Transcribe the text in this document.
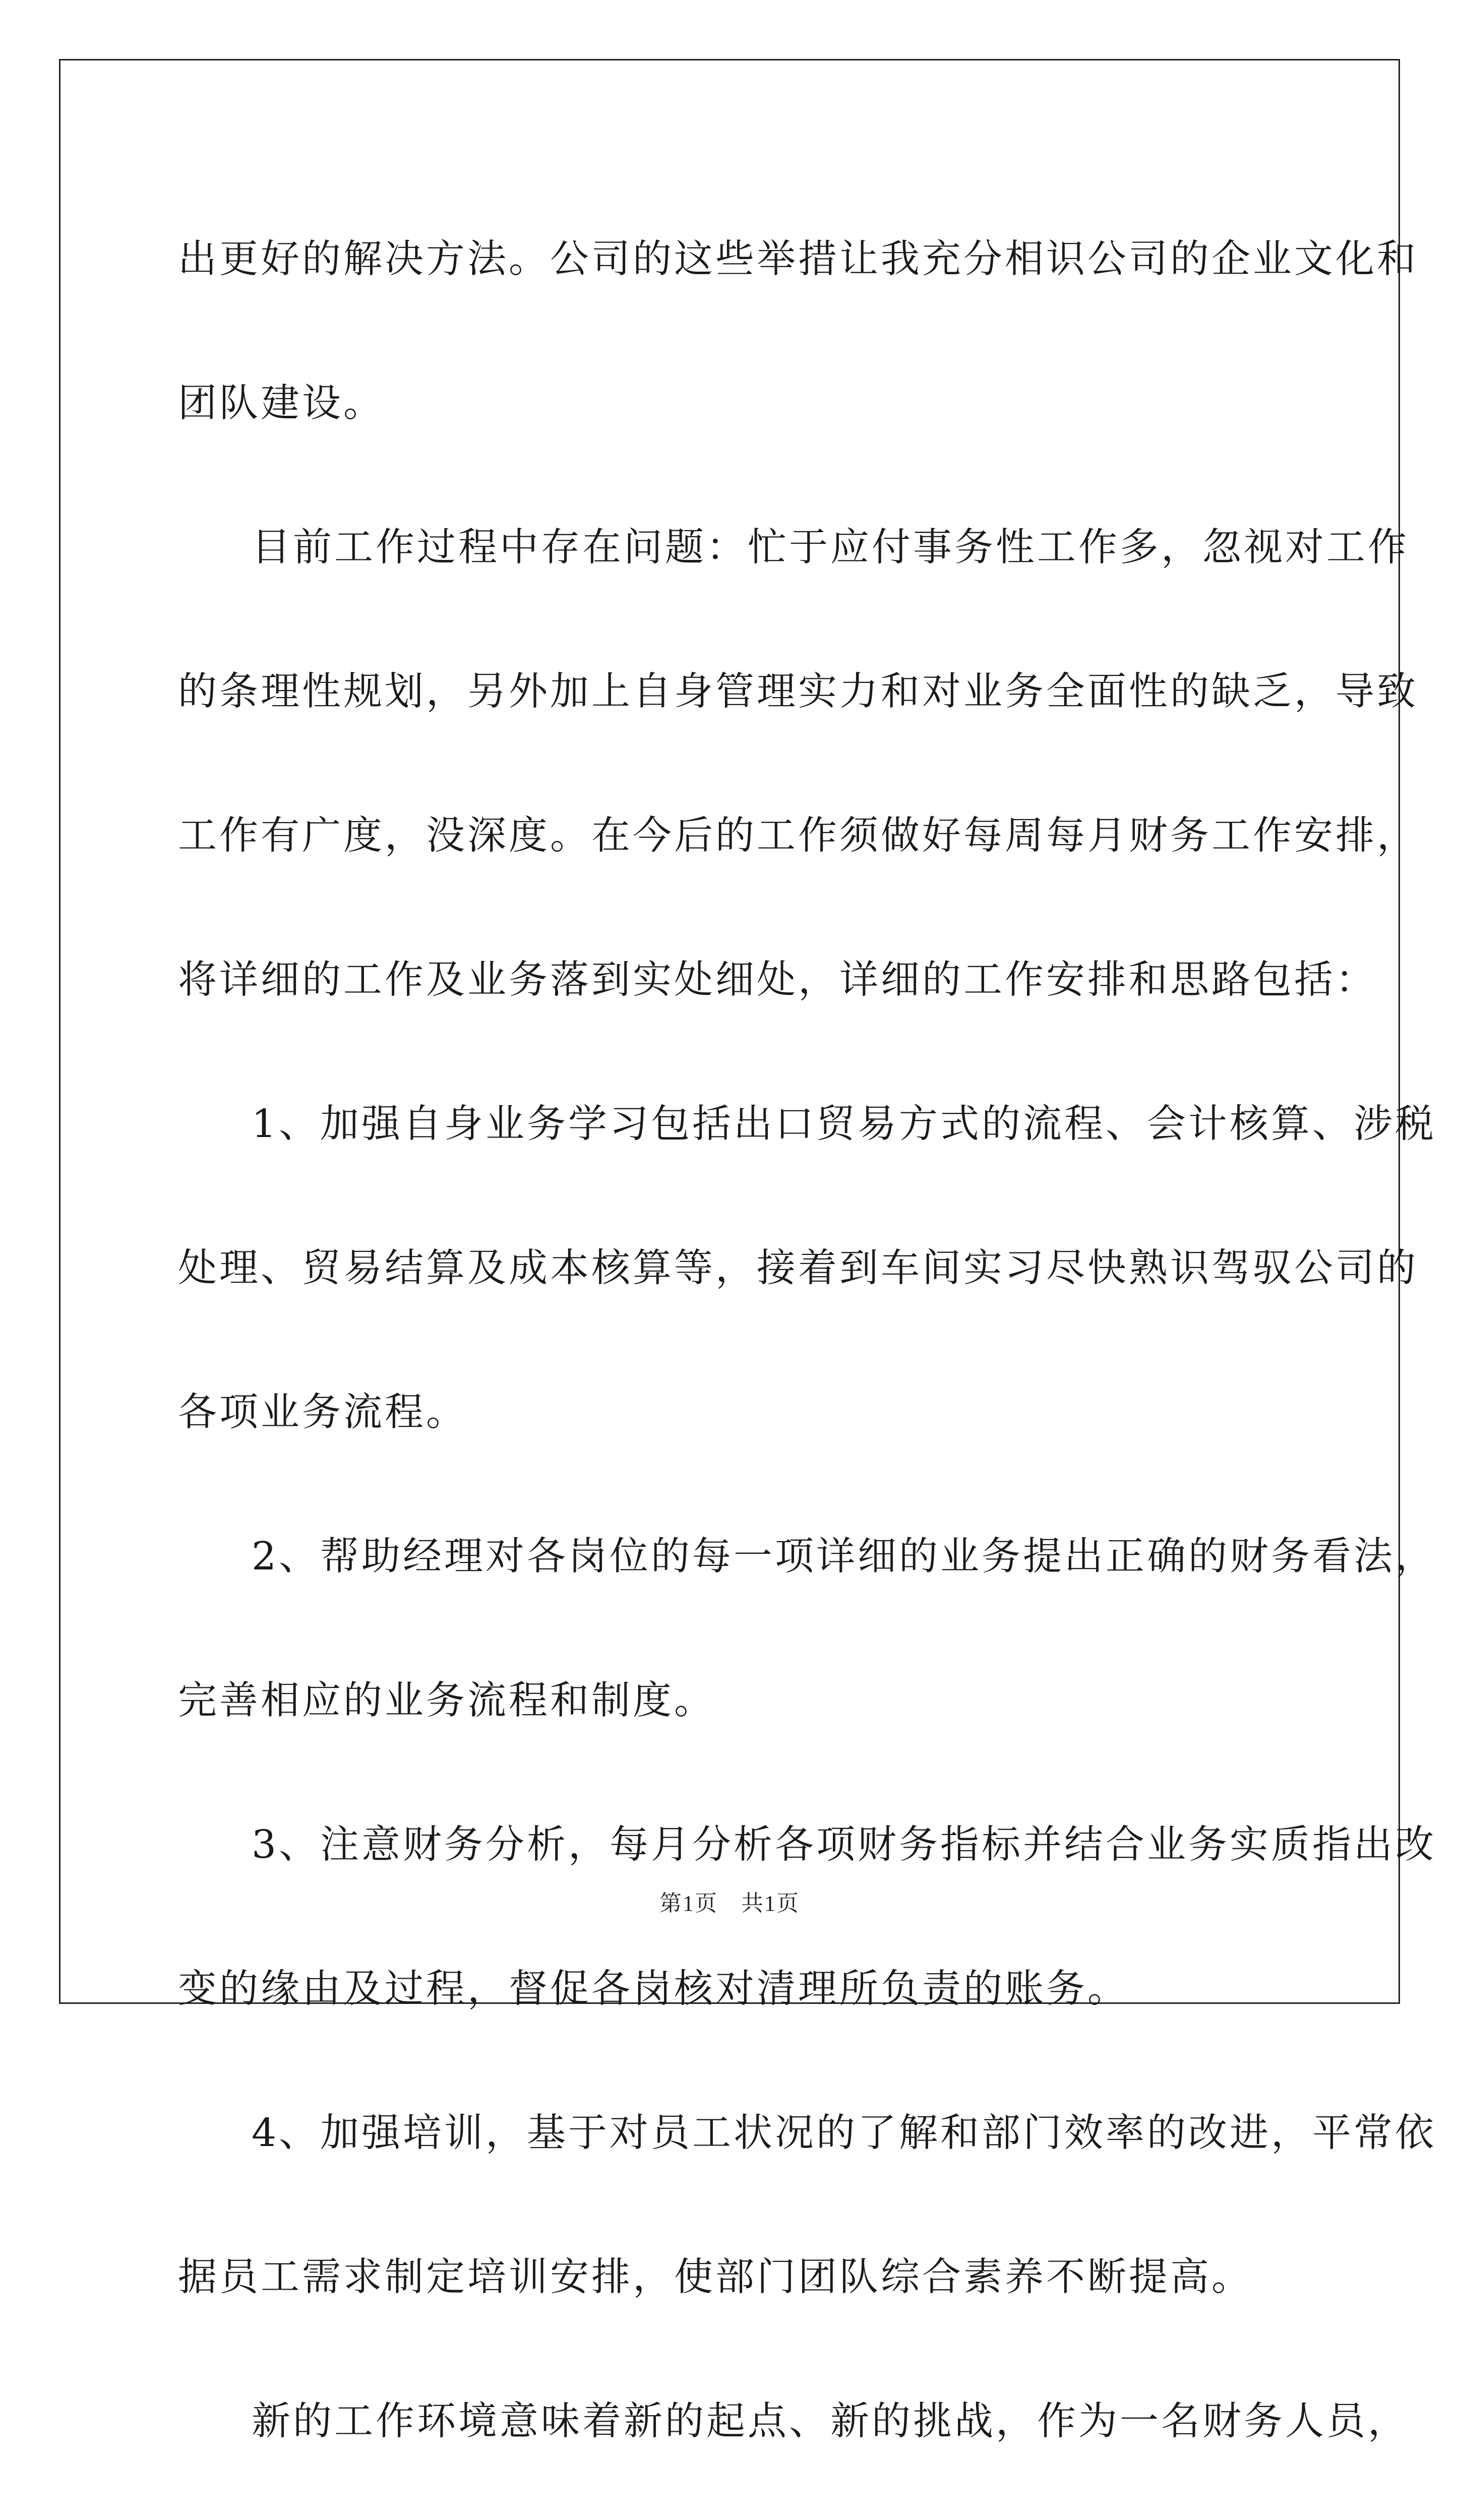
出更好的解决方法。公司的这些举措让我充分相识公司的企业文化和
团队建设。
目前工作过程中存在问题：忙于应付事务性工作多，忽视对工作
的条理性规划，另外加上自身管理实力和对业务全面性的缺乏，导致
工作有广度，没深度。在今后的工作须做好每周每月财务工作安排，
将详细的工作及业务落到实处细处，详细的工作安排和思路包括：
1、加强自身业务学习包括出口贸易方式的流程、会计核算、涉税
处理、贸易结算及成本核算等，接着到车间实习尽快熟识驾驭公司的
各项业务流程。
2、帮助经理对各岗位的每一项详细的业务提出正确的财务看法，
完善相应的业务流程和制度。
3、注意财务分析，每月分析各项财务指标并结合业务实质指出改
变的缘由及过程，督促各岗核对清理所负责的账务。
4、加强培训，基于对员工状况的了解和部门效率的改进，平常依
据员工需求制定培训安排，使部门团队综合素养不断提高。
新的工作环境意味着新的起点、新的挑战，作为一名财务人员，
第1页 共1页
